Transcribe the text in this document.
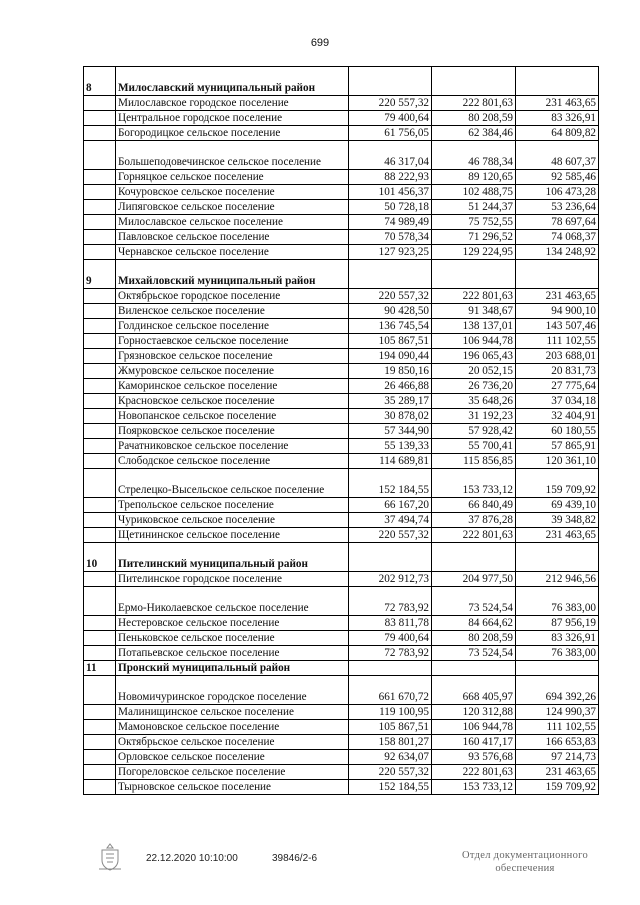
699
8	Милославский муниципальный район			
	Милославское городское поселение	220 557,32	222 801,63	231 463,65
	Центральное городское поселение	79 400,64	80 208,59	83 326,91
	Богородицкое сельское поселение	61 756,05	62 384,46	64 809,82
	Большеподовечинское сельское поселение	46 317,04	46 788,34	48 607,37
	Горняцкое сельское поселение	88 222,93	89 120,65	92 585,46
	Кочуровское сельское поселение	101 456,37	102 488,75	106 473,28
	Липяговское сельское поселение	50 728,18	51 244,37	53 236,64
	Милославское сельское поселение	74 989,49	75 752,55	78 697,64
	Павловское сельское поселение	70 578,34	71 296,52	74 068,37
	Чернавское сельское поселение	127 923,25	129 224,95	134 248,92
9	Михайловский муниципальный район			
	Октябрьское городское поселение	220 557,32	222 801,63	231 463,65
	Виленское сельское поселение	90 428,50	91 348,67	94 900,10
	Голдинское сельское поселение	136 745,54	138 137,01	143 507,46
	Горностаевское сельское поселение	105 867,51	106 944,78	111 102,55
	Грязновское сельское поселение	194 090,44	196 065,43	203 688,01
	Жмуровское сельское поселение	19 850,16	20 052,15	20 831,73
	Каморинское сельское поселение	26 466,88	26 736,20	27 775,64
	Красновское сельское поселение	35 289,17	35 648,26	37 034,18
	Новопанское сельское поселение	30 878,02	31 192,23	32 404,91
	Поярковское сельское поселение	57 344,90	57 928,42	60 180,55
	Рачатниковское сельское поселение	55 139,33	55 700,41	57 865,91
	Слободское сельское поселение	114 689,81	115 856,85	120 361,10
	Стрелецко-Высельское сельское поселение	152 184,55	153 733,12	159 709,92
	Трепольское сельское поселение	66 167,20	66 840,49	69 439,10
	Чуриковское сельское поселение	37 494,74	37 876,28	39 348,82
	Щетининское сельское поселение	220 557,32	222 801,63	231 463,65
10	Пителинский муниципальный район			
	Пителинское городское поселение	202 912,73	204 977,50	212 946,56
	Ермо-Николаевское сельское поселение	72 783,92	73 524,54	76 383,00
	Нестеровское сельское поселение	83 811,78	84 664,62	87 956,19
	Пеньковское сельское поселение	79 400,64	80 208,59	83 326,91
	Потапьевское сельское поселение	72 783,92	73 524,54	76 383,00
11	Пронский муниципальный район			
	Новомичуринское городское поселение	661 670,72	668 405,97	694 392,26
	Малинищинское сельское поселение	119 100,95	120 312,88	124 990,37
	Мамоновское сельское поселение	105 867,51	106 944,78	111 102,55
	Октябрьское сельское поселение	158 801,27	160 417,17	166 653,83
	Орловское сельское поселение	92 634,07	93 576,68	97 214,73
	Погореловское сельское поселение	220 557,32	222 801,63	231 463,65
	Тырновское сельское поселение	152 184,55	153 733,12	159 709,92
22.12.2020 10:10:00	39846/2-6	Отдел документационного
обеспечения
